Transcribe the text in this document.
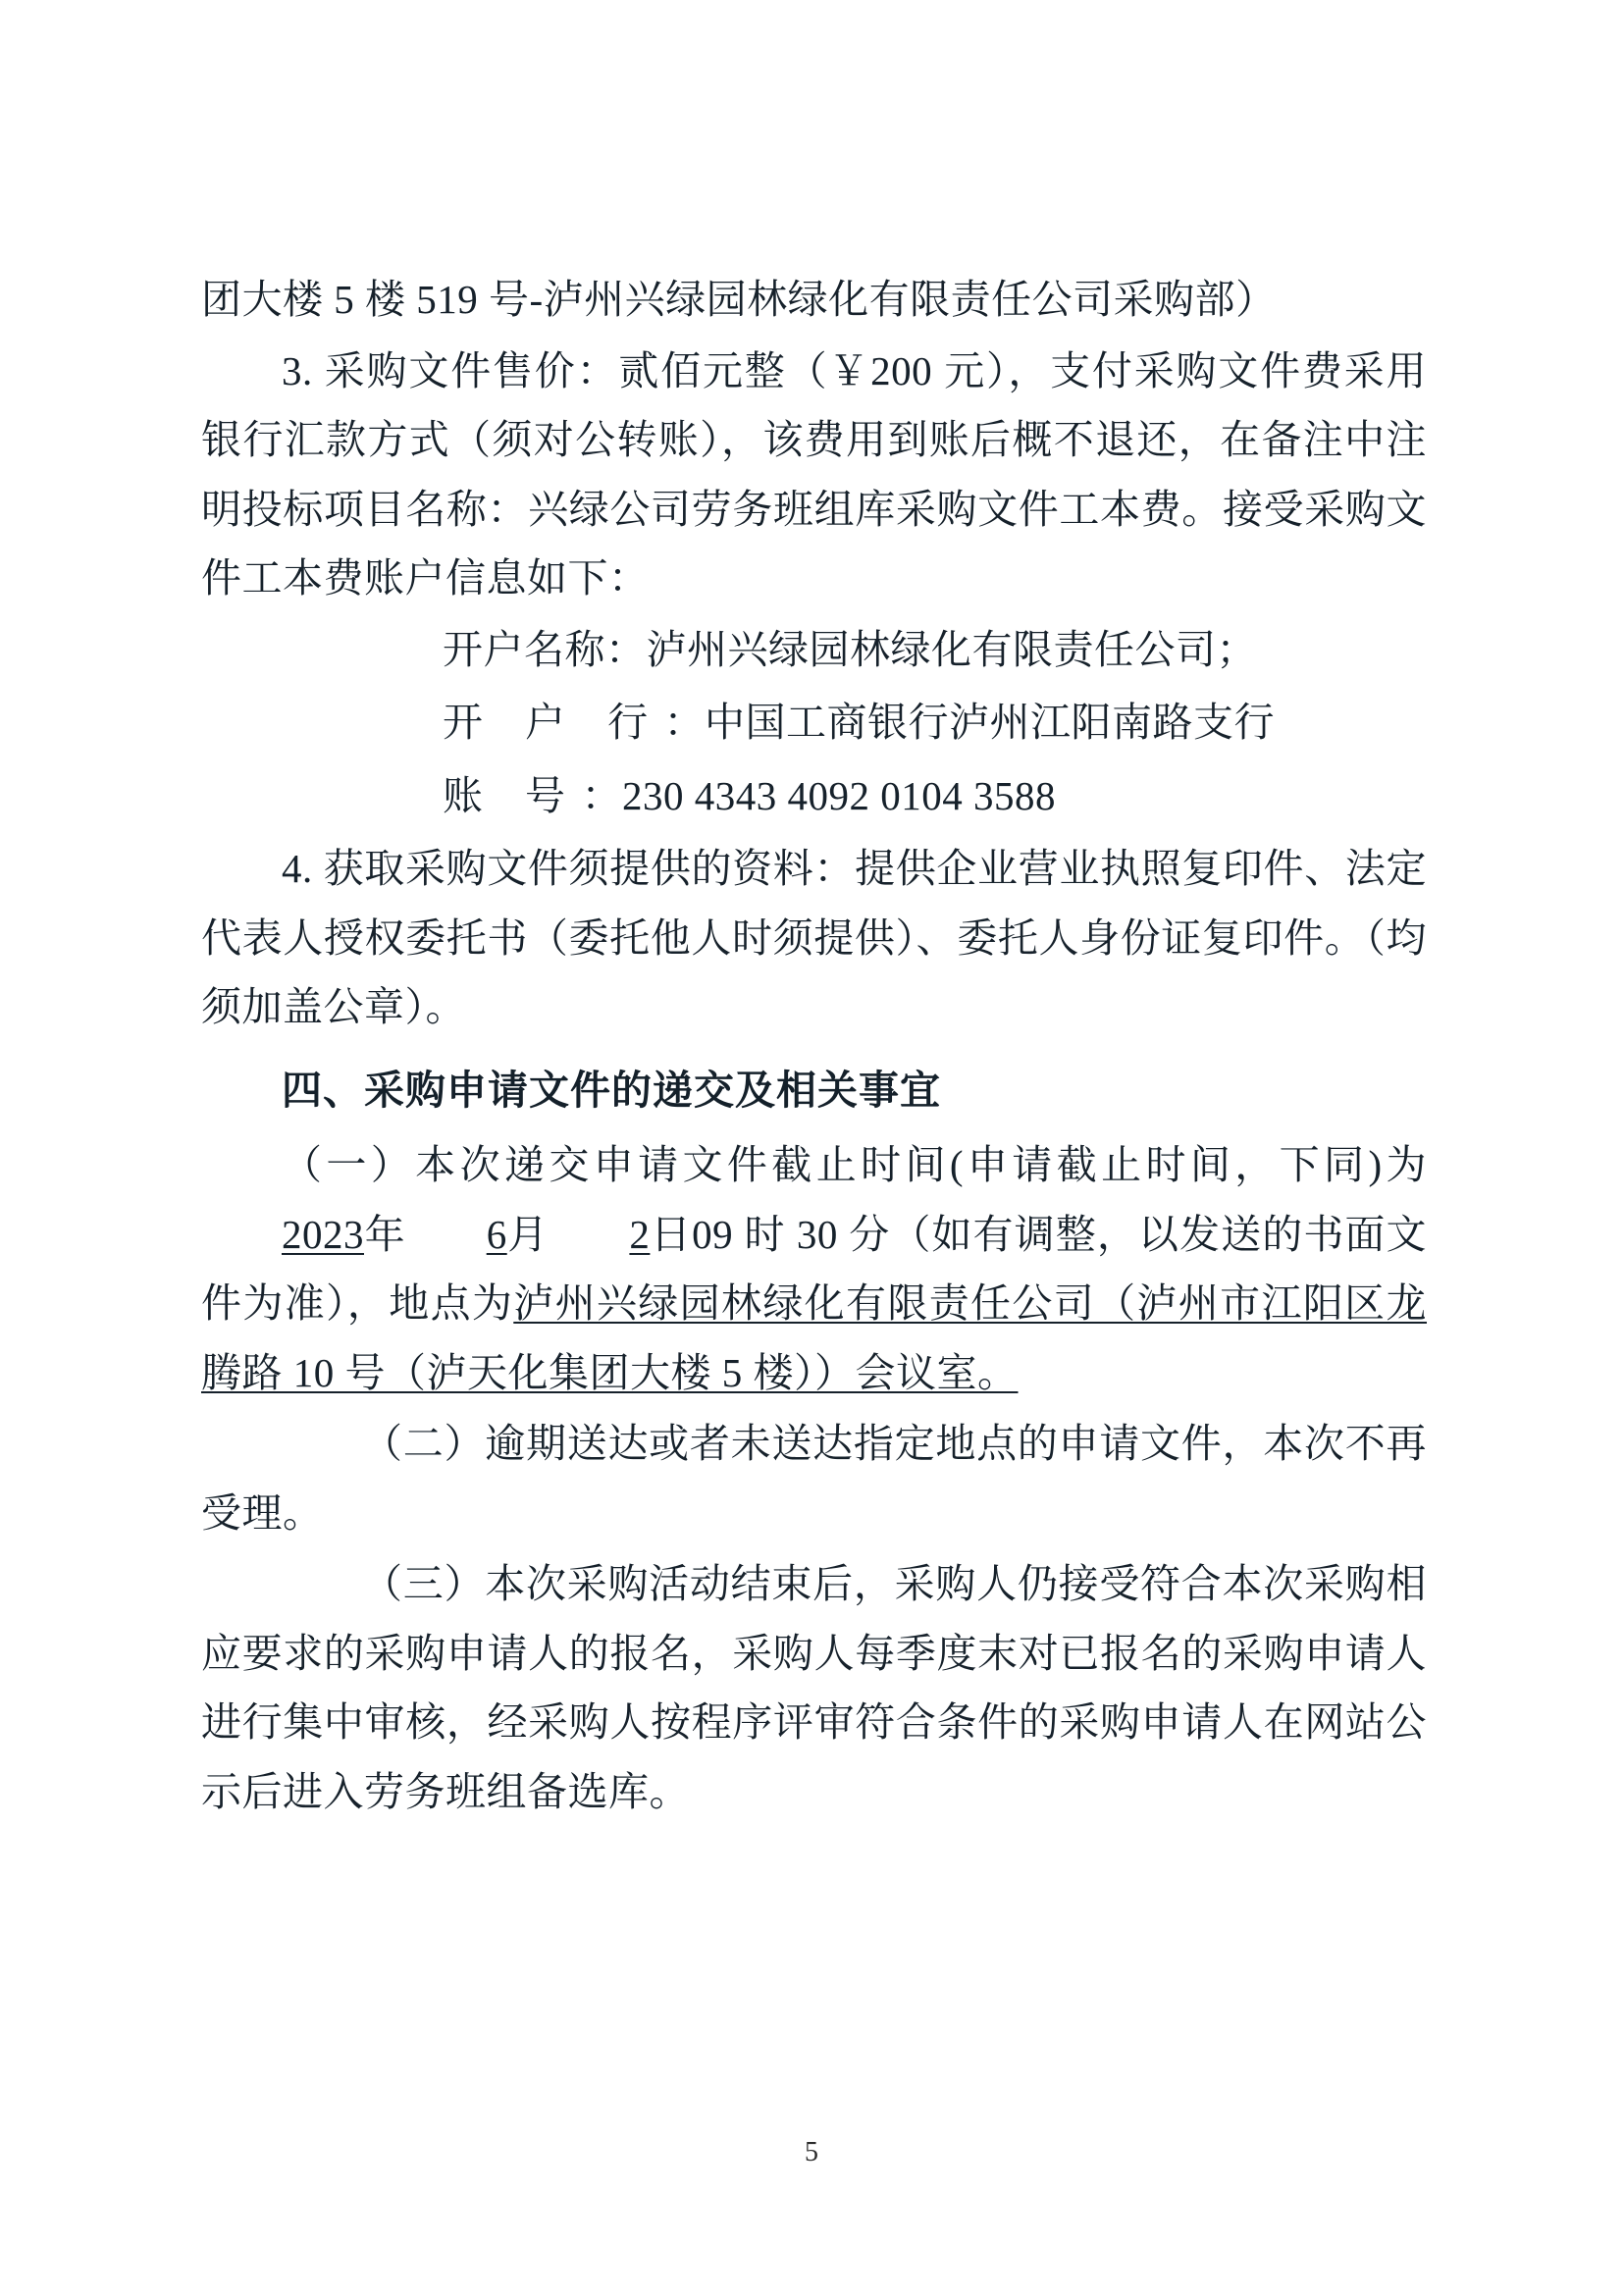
团大楼 5 楼 519 号-泸州兴绿园林绿化有限责任公司采购部）

3. 采购文件售价：贰佰元整（￥200 元），支付采购文件费采用银行汇款方式（须对公转账），该费用到账后概不退还，在备注中注明投标项目名称：兴绿公司劳务班组库采购文件工本费。接受采购文件工本费账户信息如下：

开户名称：泸州兴绿园林绿化有限责任公司；

开 户 行：中国工商银行泸州江阳南路支行

账 号：230 4343 4092 0104 3588

4. 获取采购文件须提供的资料：提供企业营业执照复印件、法定代表人授权委托书（委托他人时须提供）、委托人身份证复印件。（均须加盖公章）。

四、采购申请文件的递交及相关事宜

（一）本次递交申请文件截止时间(申请截止时间，下同)为2023年 6月 2日09 时 30 分（如有调整，以发送的书面文件为准），地点为泸州兴绿园林绿化有限责任公司（泸州市江阳区龙腾路 10 号（泸天化集团大楼 5 楼））会议室。

（二）逾期送达或者未送达指定地点的申请文件，本次不再受理。

（三）本次采购活动结束后，采购人仍接受符合本次采购相应要求的采购申请人的报名，采购人每季度末对已报名的采购申请人进行集中审核，经采购人按程序评审符合条件的采购申请人在网站公示后进入劳务班组备选库。

5
